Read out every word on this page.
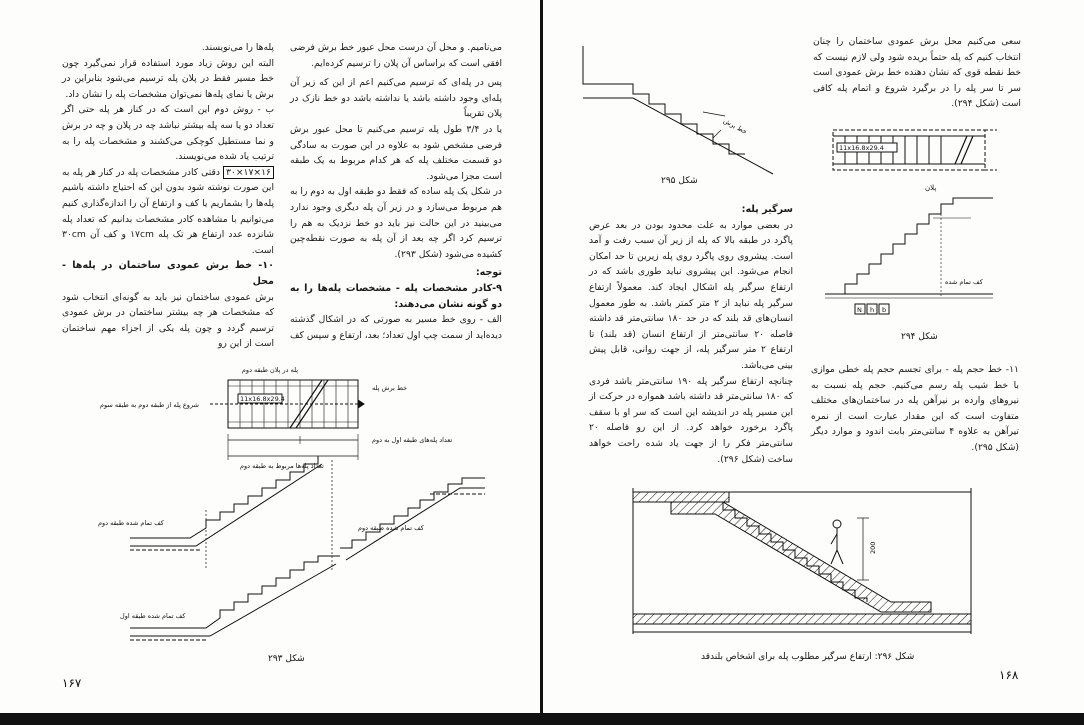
می‌نامیم. و محل آن درست محل عبور خط برش فرضی افقی است که براساس آن پلان را ترسیم کرده‌ایم.

پس در پله‌ای که ترسیم می‌کنیم اعم از این که زیر آن پله‌ای وجود داشته باشد یا نداشته باشد دو خط نازک در پلان تقریباً

یا در ۳/۴ طول پله ترسیم می‌کنیم تا محل عبور برش فرضی مشخص شود به علاوه در این صورت به سادگی دو قسمت مختلف پله که هر کدام مربوط به یک طبقه است مجزا می‌شود.

در شکل یک پله ساده که فقط دو طبقه اول به دوم را به هم مربوط می‌سازد و در زیر آن پله دیگری وجود ندارد می‌بینید در این حالت نیز باید دو خط نزدیک به هم را ترسیم کرد اگر چه بعد از آن پله به صورت نقطه‌چین کشیده می‌شود (شکل ۲۹۳).

توجه:
۹-کادر مشخصات پله - مشخصات پله‌ها را به دو گونه نشان می‌دهند:

الف - روی خط مسیر به صورتی که در اشکال گذشته دیده‌اید از سمت چپ اول تعداد؛ بعد، ارتفاع و سپس کف

پله‌ها را می‌نویسند.

البته این روش زیاد مورد استفاده قرار نمی‌گیرد چون خط مسیر فقط در پلان پله ترسیم می‌شود بنابراین در برش یا نمای پله‌ها نمی‌توان مشخصات پله را نشان داد.

ب - روش دوم این است که در کنار هر پله حتی اگر تعداد دو یا سه پله بیشتر نباشد چه در پلان و چه در برش و نما مستطیل کوچکی می‌کشند و مشخصات پله را به ترتیب یاد شده می‌نویسند.

۱۶×۱۷×۳۰ دقتی کادر مشخصات پله در کنار هر پله به این صورت نوشته شود بدون این که احتیاج داشته باشیم پله‌ها را بشماریم یا کف و ارتفاع آن را اندازه‌گذاری کنیم می‌توانیم با مشاهده کادر مشخصات بدانیم که تعداد پله شانزده عدد ارتفاع هر تک پله ۱۷cm و کف آن ۳۰cm است.

۱۰- خط برش عمودی ساختمان در پله‌ها - محل

برش عمودی ساختمان نیز باید به گونه‌ای انتخاب شود که مشخصات هر چه بیشتر ساختمان در برش عمودی ترسیم گردد و چون پله یکی از اجزاء مهم ساختمان است از این رو

پله در پلان طبقه دوم
خط برش پله
شروع پله از طبقه دوم به طبقه سوم
11x16.8x29.4
تعداد پله‌های طبقه اول به دوم
تعداد پله‌ها مربوط به طبقه دوم
کف تمام شده طبقه دوم
کف تمام شده طبقه دوم
کف تمام شده طبقه اول
شکل ۲۹۳
۱۶۷

سعی می‌کنیم محل برش عمودی ساختمان را چنان انتخاب کنیم که پله حتماً بریده شود ولی لازم نیست که خط نقطه قوی که نشان دهنده خط برش عمودی است سر تا سر پله را در برگیرد شروع و اتمام پله کافی است (شکل ۲۹۴).

خط برش
شکل ۲۹۵
11x16.8x29.4
پلان
کف تمام شده
N h b
شکل ۲۹۴
سرگیر پله:

در بعضی موارد به علت محدود بودن در بعد عرض پاگرد در طبقه بالا که پله از زیر آن سبب رفت و آمد است. پیشروی روی پاگرد روی پله زیرین تا حد امکان انجام می‌شود. این پیشروی نباید طوری باشد که در ارتفاع سرگیر پله اشکال ایجاد کند. معمولاً ارتفاع سرگیر پله نباید از ۲ متر کمتر باشد. به طور معمول انسان‌های قد بلند که در حد ۱۸۰ سانتی‌متر قد داشته فاصله ۲۰ سانتی‌متر از ارتفاع انسان (قد بلند) تا ارتفاع ۲ متر سرگیر پله، از جهت روانی، قابل پیش بینی می‌باشد.

چنانچه ارتفاع سرگیر پله ۱۹۰ سانتی‌متر باشد فردی که ۱۸۰ سانتی‌متر قد داشته باشد همواره در حرکت از این مسیر پله در اندیشه این است که سر او با سقف پاگرد برخورد خواهد کرد. از این رو فاصله ۲۰ سانتی‌متر فکر را از جهت یاد شده راحت خواهد ساخت (شکل ۲۹۶).

۱۱- خط حجم پله - برای تجسم حجم پله خطی موازی با خط شیب پله رسم می‌کنیم. حجم پله نسبت به نیروهای وارده بر نیرآهن پله در ساختمان‌های مختلف متفاوت است که این مقدار عبارت است از نمره تیرآهن به علاوه ۴ سانتی‌متر بابت اندود و موارد دیگر (شکل ۲۹۵).

200
شکل ۲۹۶: ارتفاع سرگیر مطلوب پله برای اشخاص بلندقد
۱۶۸
